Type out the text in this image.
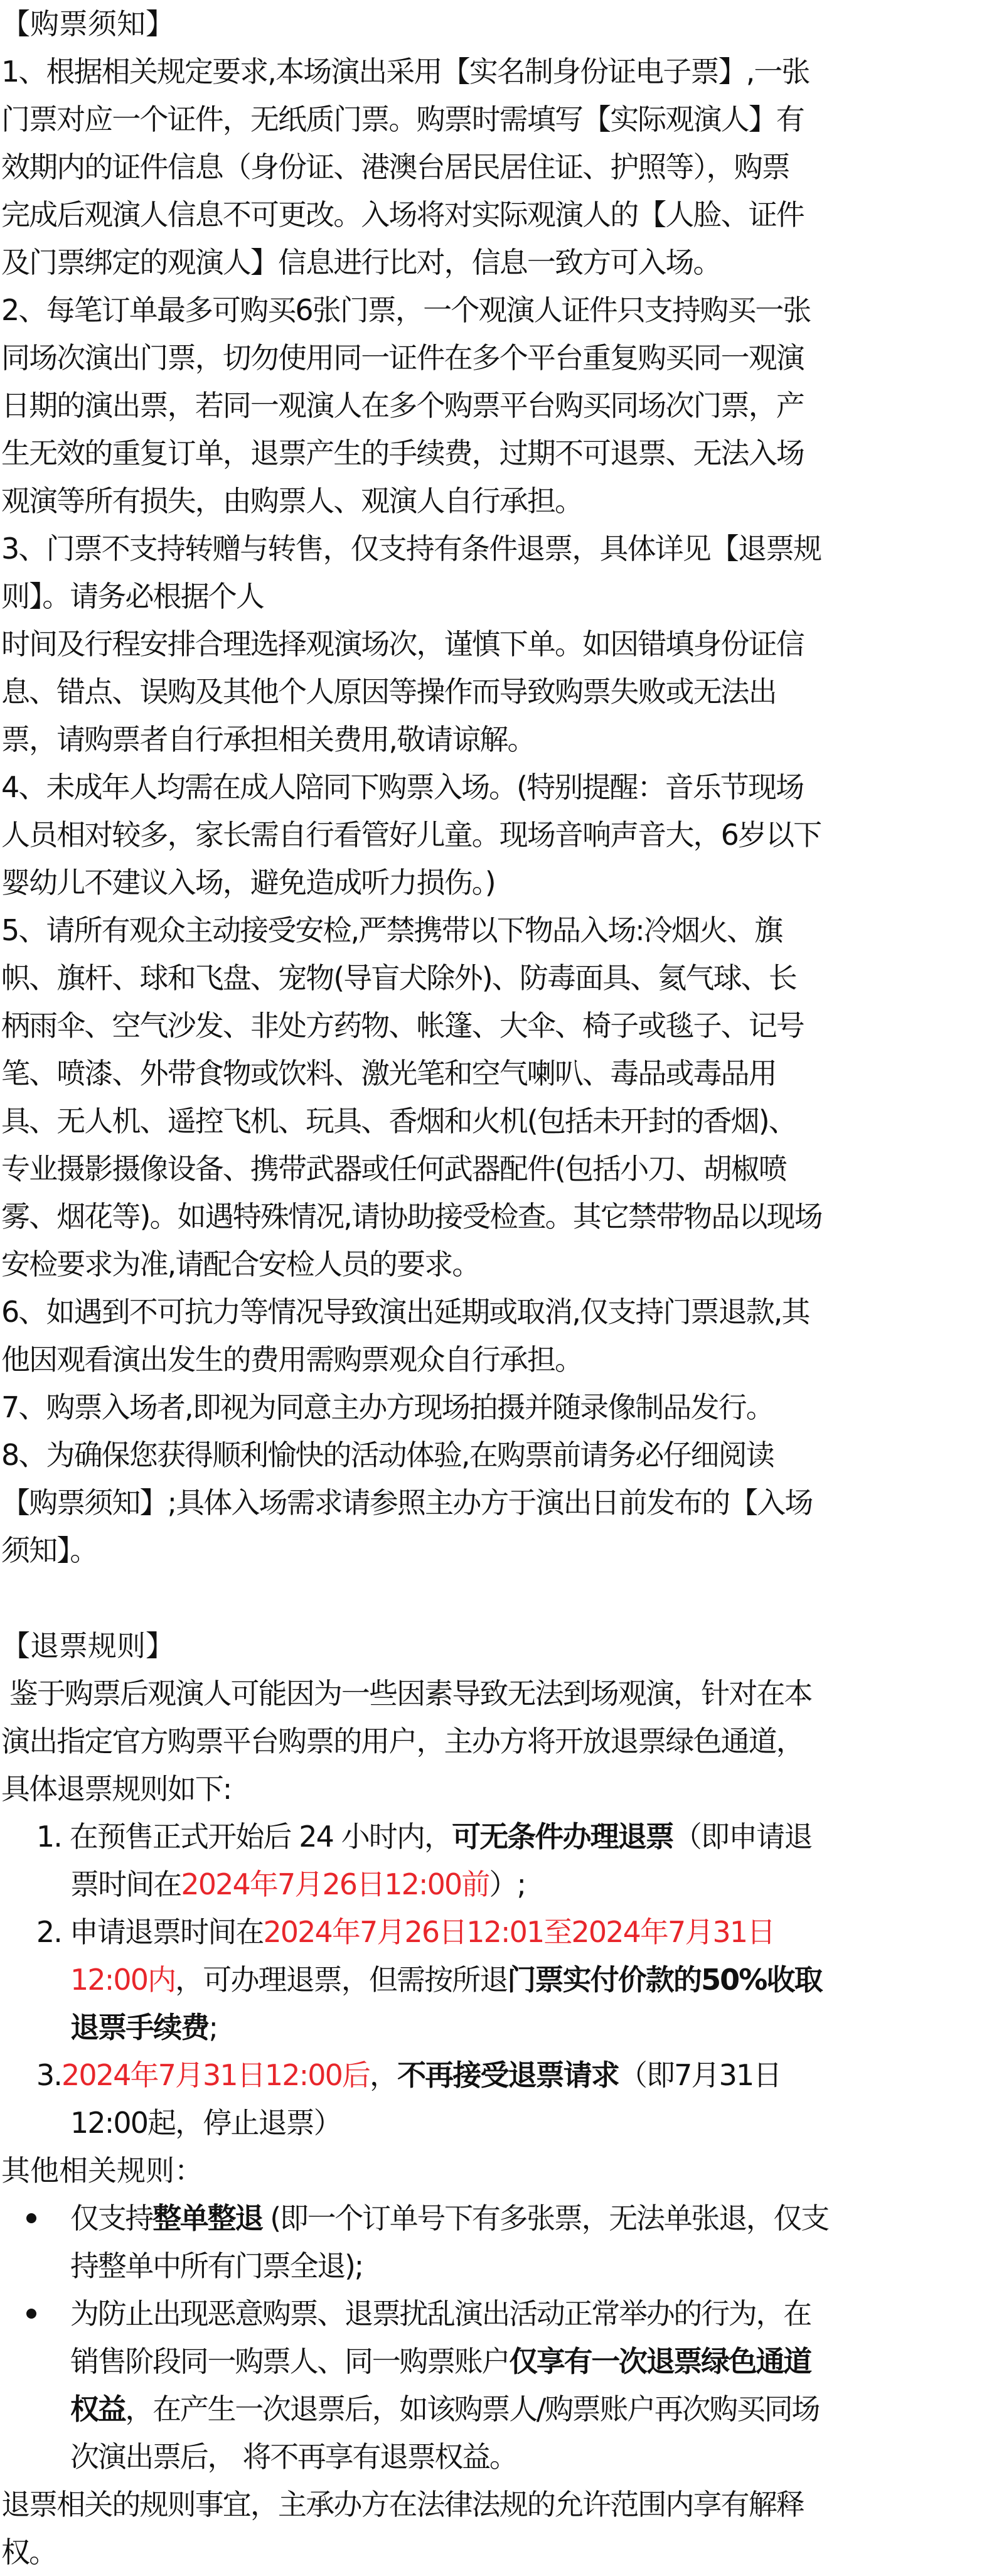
【购票须知】
1、根据相关规定要求,本场演出采用【实名制身份证电子票】,一张
门票对应一个证件，无纸质门票。购票时需填写【实际观演人】有
效期内的证件信息（身份证、港澳台居民居住证、护照等），购票
完成后观演人信息不可更改。入场将对实际观演人的【人脸、证件
及门票绑定的观演人】信息进行比对，信息一致方可入场。
2、每笔订单最多可购买6张门票，一个观演人证件只支持购买一张
同场次演出门票，切勿使用同一证件在多个平台重复购买同一观演
日期的演出票，若同一观演人在多个购票平台购买同场次门票，产
生无效的重复订单，退票产生的手续费，过期不可退票、无法入场
观演等所有损失，由购票人、观演人自行承担。
3、门票不支持转赠与转售，仅支持有条件退票，具体详见【退票规
则】。请务必根据个人
时间及行程安排合理选择观演场次，谨慎下单。如因错填身份证信
息、错点、误购及其他个人原因等操作而导致购票失败或无法出
票，请购票者自行承担相关费用,敬请谅解。
4、未成年人均需在成人陪同下购票入场。(特别提醒：音乐节现场
人员相对较多，家长需自行看管好儿童。现场音响声音大，6岁以下
婴幼儿不建议入场，避免造成听力损伤。)
5、请所有观众主动接受安检,严禁携带以下物品入场:冷烟火、旗
帜、旗杆、球和飞盘、宠物(导盲犬除外)、防毒面具、氦气球、长
柄雨伞、空气沙发、非处方药物、帐篷、大伞、椅子或毯子、记号
笔、喷漆、外带食物或饮料、激光笔和空气喇叭、毒品或毒品用
具、无人机、遥控飞机、玩具、香烟和火机(包括未开封的香烟)、
专业摄影摄像设备、携带武器或任何武器配件(包括小刀、胡椒喷
雾、烟花等)。如遇特殊情况,请协助接受检查。其它禁带物品以现场
安检要求为准,请配合安检人员的要求。
6、如遇到不可抗力等情况导致演出延期或取消,仅支持门票退款,其
他因观看演出发生的费用需购票观众自行承担。
7、购票入场者,即视为同意主办方现场拍摄并随录像制品发行。
8、为确保您获得顺利愉快的活动体验,在购票前请务必仔细阅读
【购票须知】;具体入场需求请参照主办方于演出日前发布的【入场
须知】。
【退票规则】
鉴于购票后观演人可能因为一些因素导致无法到场观演，针对在本
演出指定官方购票平台购票的用户，主办方将开放退票绿色通道，
具体退票规则如下:
1. 在预售正式开始后 24 小时内，可无条件办理退票（即申请退
票时间在2024年7月26日12:00前）;
2. 申请退票时间在2024年7月26日12:01至2024年7月31日
12:00内，可办理退票，但需按所退门票实付价款的50%收取
退票手续费;
3.2024年7月31日12:00后，不再接受退票请求（即7月31日
12:00起，停止退票）
其他相关规则：
仅支持整单整退 (即一个订单号下有多张票，无法单张退，仅支
持整单中所有门票全退);
为防止出现恶意购票、退票扰乱演出活动正常举办的行为，在
销售阶段同一购票人、同一购票账户仅享有一次退票绿色通道
权益，在产生一次退票后，如该购票人/购票账户再次购买同场
次演出票后， 将不再享有退票权益。
退票相关的规则事宜，主承办方在法律法规的允许范围内享有解释
权。
